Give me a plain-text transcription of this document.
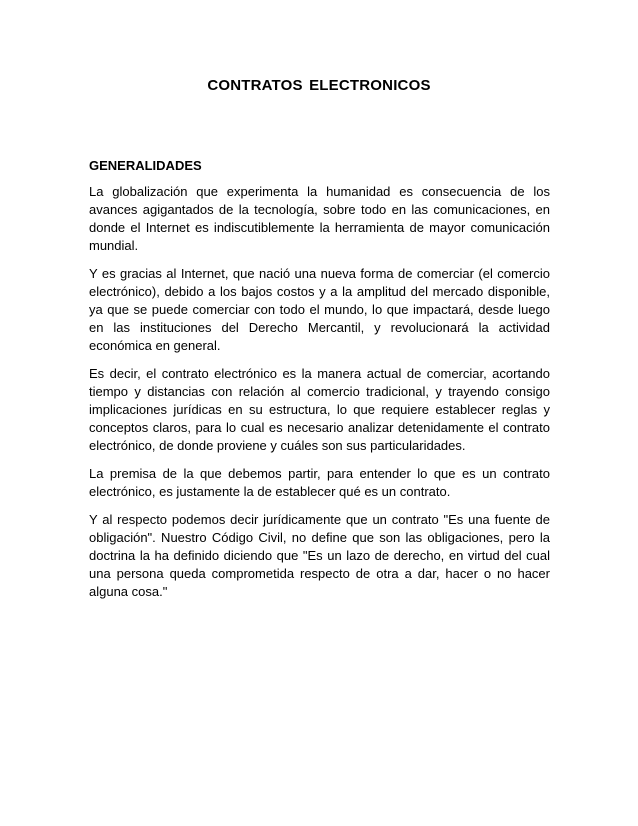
CONTRATOS ELECTRONICOS
GENERALIDADES

La globalización que experimenta la humanidad es consecuencia de los avances agigantados de la tecnología, sobre todo en las comunicaciones, en donde el Internet es indiscutiblemente la herramienta de mayor comunicación mundial.

Y es gracias al Internet, que nació una nueva forma de comerciar (el comercio electrónico), debido a los bajos costos y a la amplitud del mercado disponible, ya que se puede comerciar con todo el mundo, lo que impactará, desde luego en las instituciones del Derecho Mercantil, y revolucionará la actividad económica en general.

Es decir, el contrato electrónico es la manera actual de comerciar, acortando tiempo y distancias con relación al comercio tradicional, y trayendo consigo implicaciones jurídicas en su estructura, lo que requiere establecer reglas y conceptos claros, para lo cual es necesario analizar detenidamente el contrato electrónico, de donde proviene y cuáles son sus particularidades.

La premisa de la que debemos partir, para entender lo que es un contrato electrónico, es justamente la de establecer qué es un contrato.

Y al respecto podemos decir jurídicamente que un contrato "Es una fuente de obligación". Nuestro Código Civil, no define que son las obligaciones, pero la doctrina la ha definido diciendo que "Es un lazo de derecho, en virtud del cual una persona queda comprometida respecto de otra a dar, hacer o no hacer alguna cosa."
